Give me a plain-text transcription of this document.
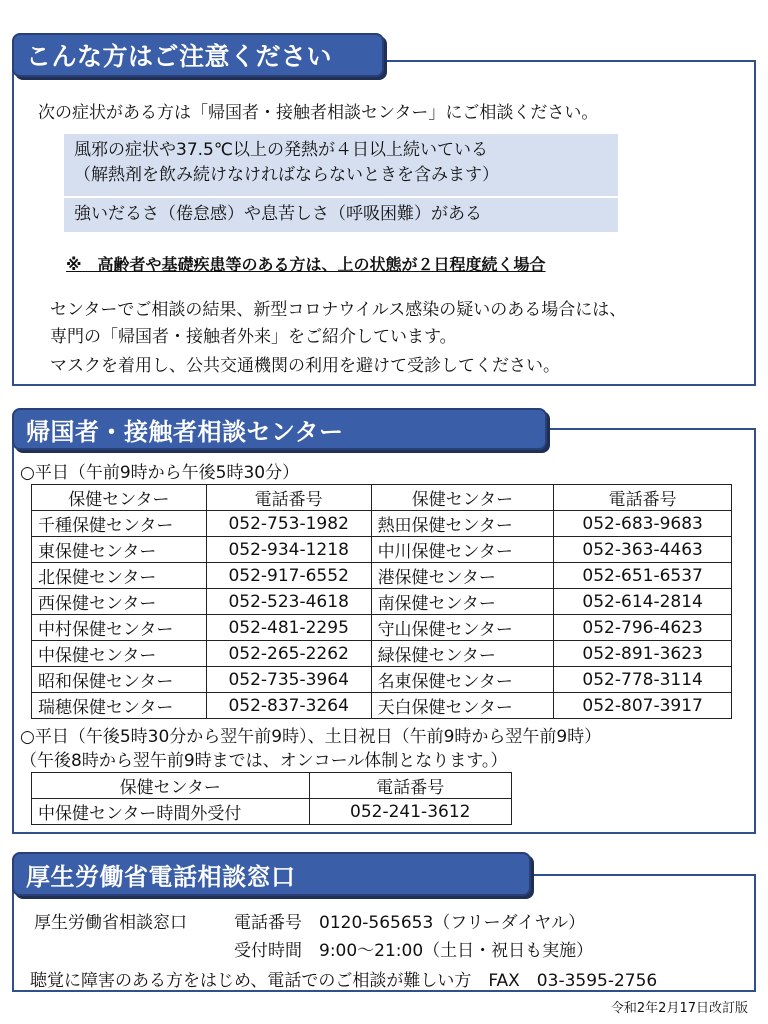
こんな方はご注意ください
次の症状がある方は「帰国者・接触者相談センター」にご相談ください。
風邪の症状や37.5℃以上の発熱が４日以上続いている
（解熱剤を飲み続けなければならないときを含みます）
強いだるさ（倦怠感）や息苦しさ（呼吸困難）がある
※　高齢者や基礎疾患等のある方は、上の状態が２日程度続く場合
センターでご相談の結果、新型コロナウイルス感染の疑いのある場合には、
専門の「帰国者・接触者外来」をご紹介しています。
マスクを着用し、公共交通機関の利用を避けて受診してください。
帰国者・接触者相談センター
○平日（午前9時から午後5時30分）
保健センター	電話番号	保健センター	電話番号
千種保健センター	052-753-1982	熱田保健センター	052-683-9683
東保健センター	052-934-1218	中川保健センター	052-363-4463
北保健センター	052-917-6552	港保健センター	052-651-6537
西保健センター	052-523-4618	南保健センター	052-614-2814
中村保健センター	052-481-2295	守山保健センター	052-796-4623
中保健センター	052-265-2262	緑保健センター	052-891-3623
昭和保健センター	052-735-3964	名東保健センター	052-778-3114
瑞穂保健センター	052-837-3264	天白保健センター	052-807-3917
○平日（午後5時30分から翌午前9時）、土日祝日（午前9時から翌午前9時）
（午後8時から翌午前9時までは、オンコール体制となります。）
保健センター	電話番号
中保健センター時間外受付	052-241-3612
厚生労働省電話相談窓口
厚生労働省相談窓口	電話番号　0120-565653（フリーダイヤル）
受付時間　9:00～21:00（土日・祝日も実施）
聴覚に障害のある方をはじめ、電話でのご相談が難しい方　FAX　03-3595-2756
令和2年2月17日改訂版
